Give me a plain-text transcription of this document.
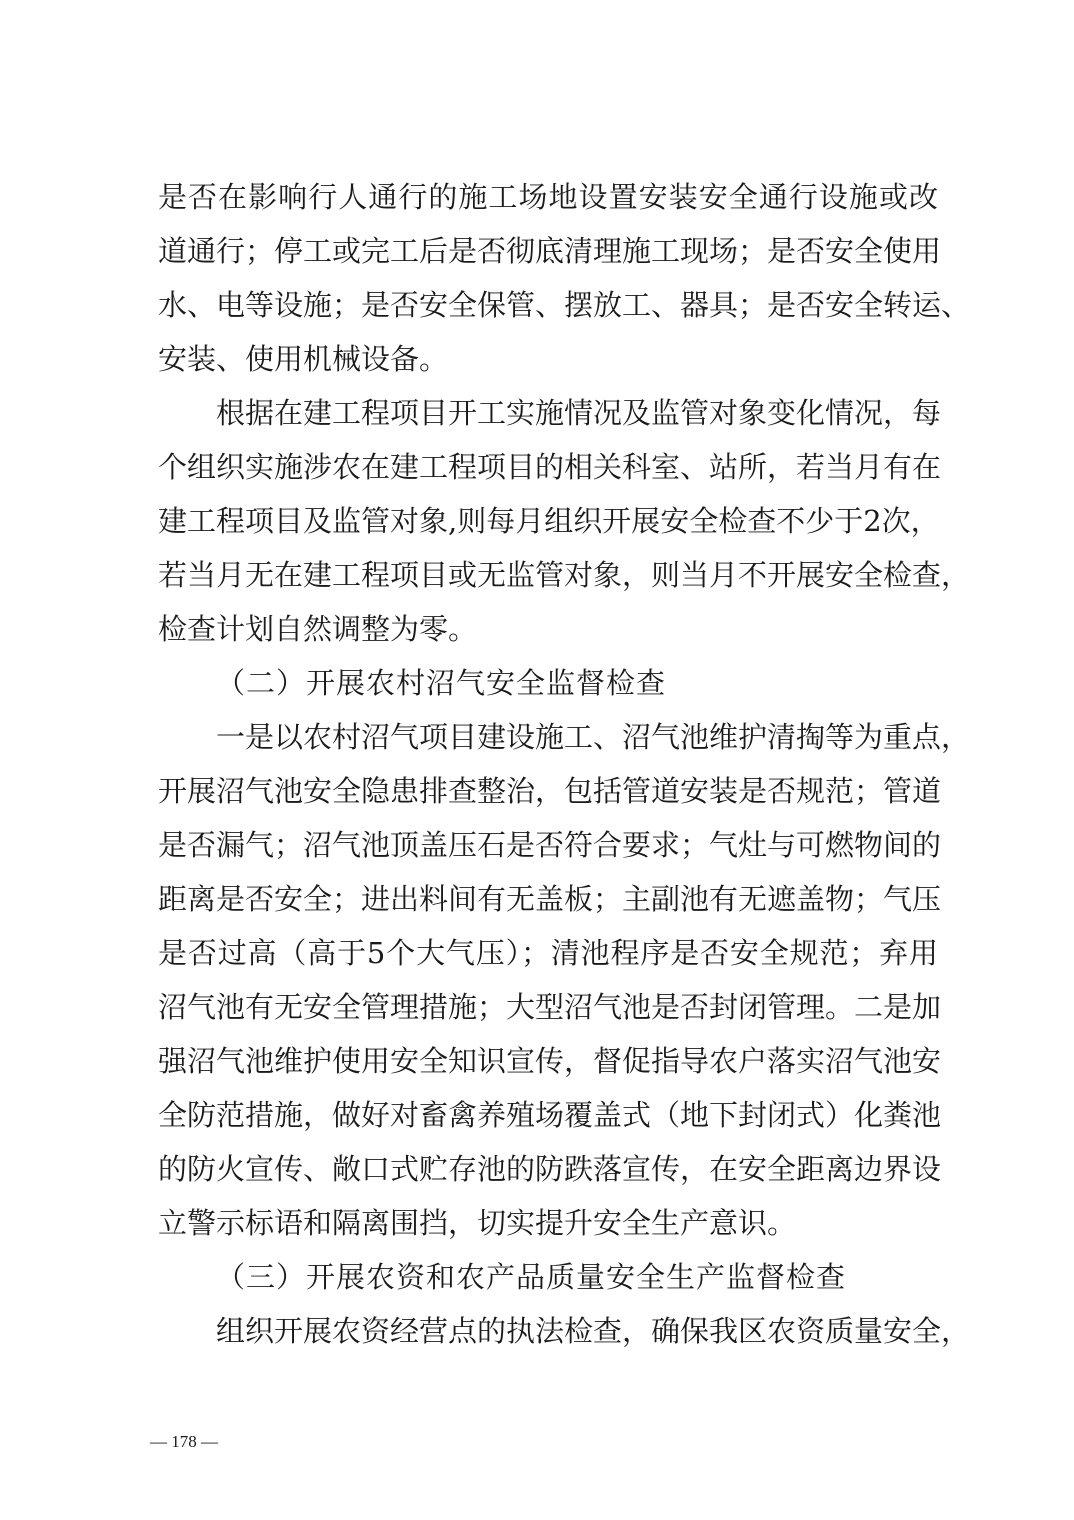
是否在影响行人通行的施工场地设置安装安全通行设施或改
道通行；停工或完工后是否彻底清理施工现场；是否安全使用
水、电等设施；是否安全保管、摆放工、器具；是否安全转运、
安装、使用机械设备。
根据在建工程项目开工实施情况及监管对象变化情况，每
个组织实施涉农在建工程项目的相关科室、站所，若当月有在
建工程项目及监管对象,则每月组织开展安全检查不少于2次，
若当月无在建工程项目或无监管对象，则当月不开展安全检查，
检查计划自然调整为零。
（二）开展农村沼气安全监督检查
一是以农村沼气项目建设施工、沼气池维护清掏等为重点，
开展沼气池安全隐患排查整治，包括管道安装是否规范；管道
是否漏气；沼气池顶盖压石是否符合要求；气灶与可燃物间的
距离是否安全；进出料间有无盖板；主副池有无遮盖物；气压
是否过高（高于5个大气压）；清池程序是否安全规范；弃用
沼气池有无安全管理措施；大型沼气池是否封闭管理。二是加
强沼气池维护使用安全知识宣传，督促指导农户落实沼气池安
全防范措施，做好对畜禽养殖场覆盖式（地下封闭式）化粪池
的防火宣传、敞口式贮存池的防跌落宣传，在安全距离边界设
立警示标语和隔离围挡，切实提升安全生产意识。
（三）开展农资和农产品质量安全生产监督检查
组织开展农资经营点的执法检查，确保我区农资质量安全，
— 178 —
